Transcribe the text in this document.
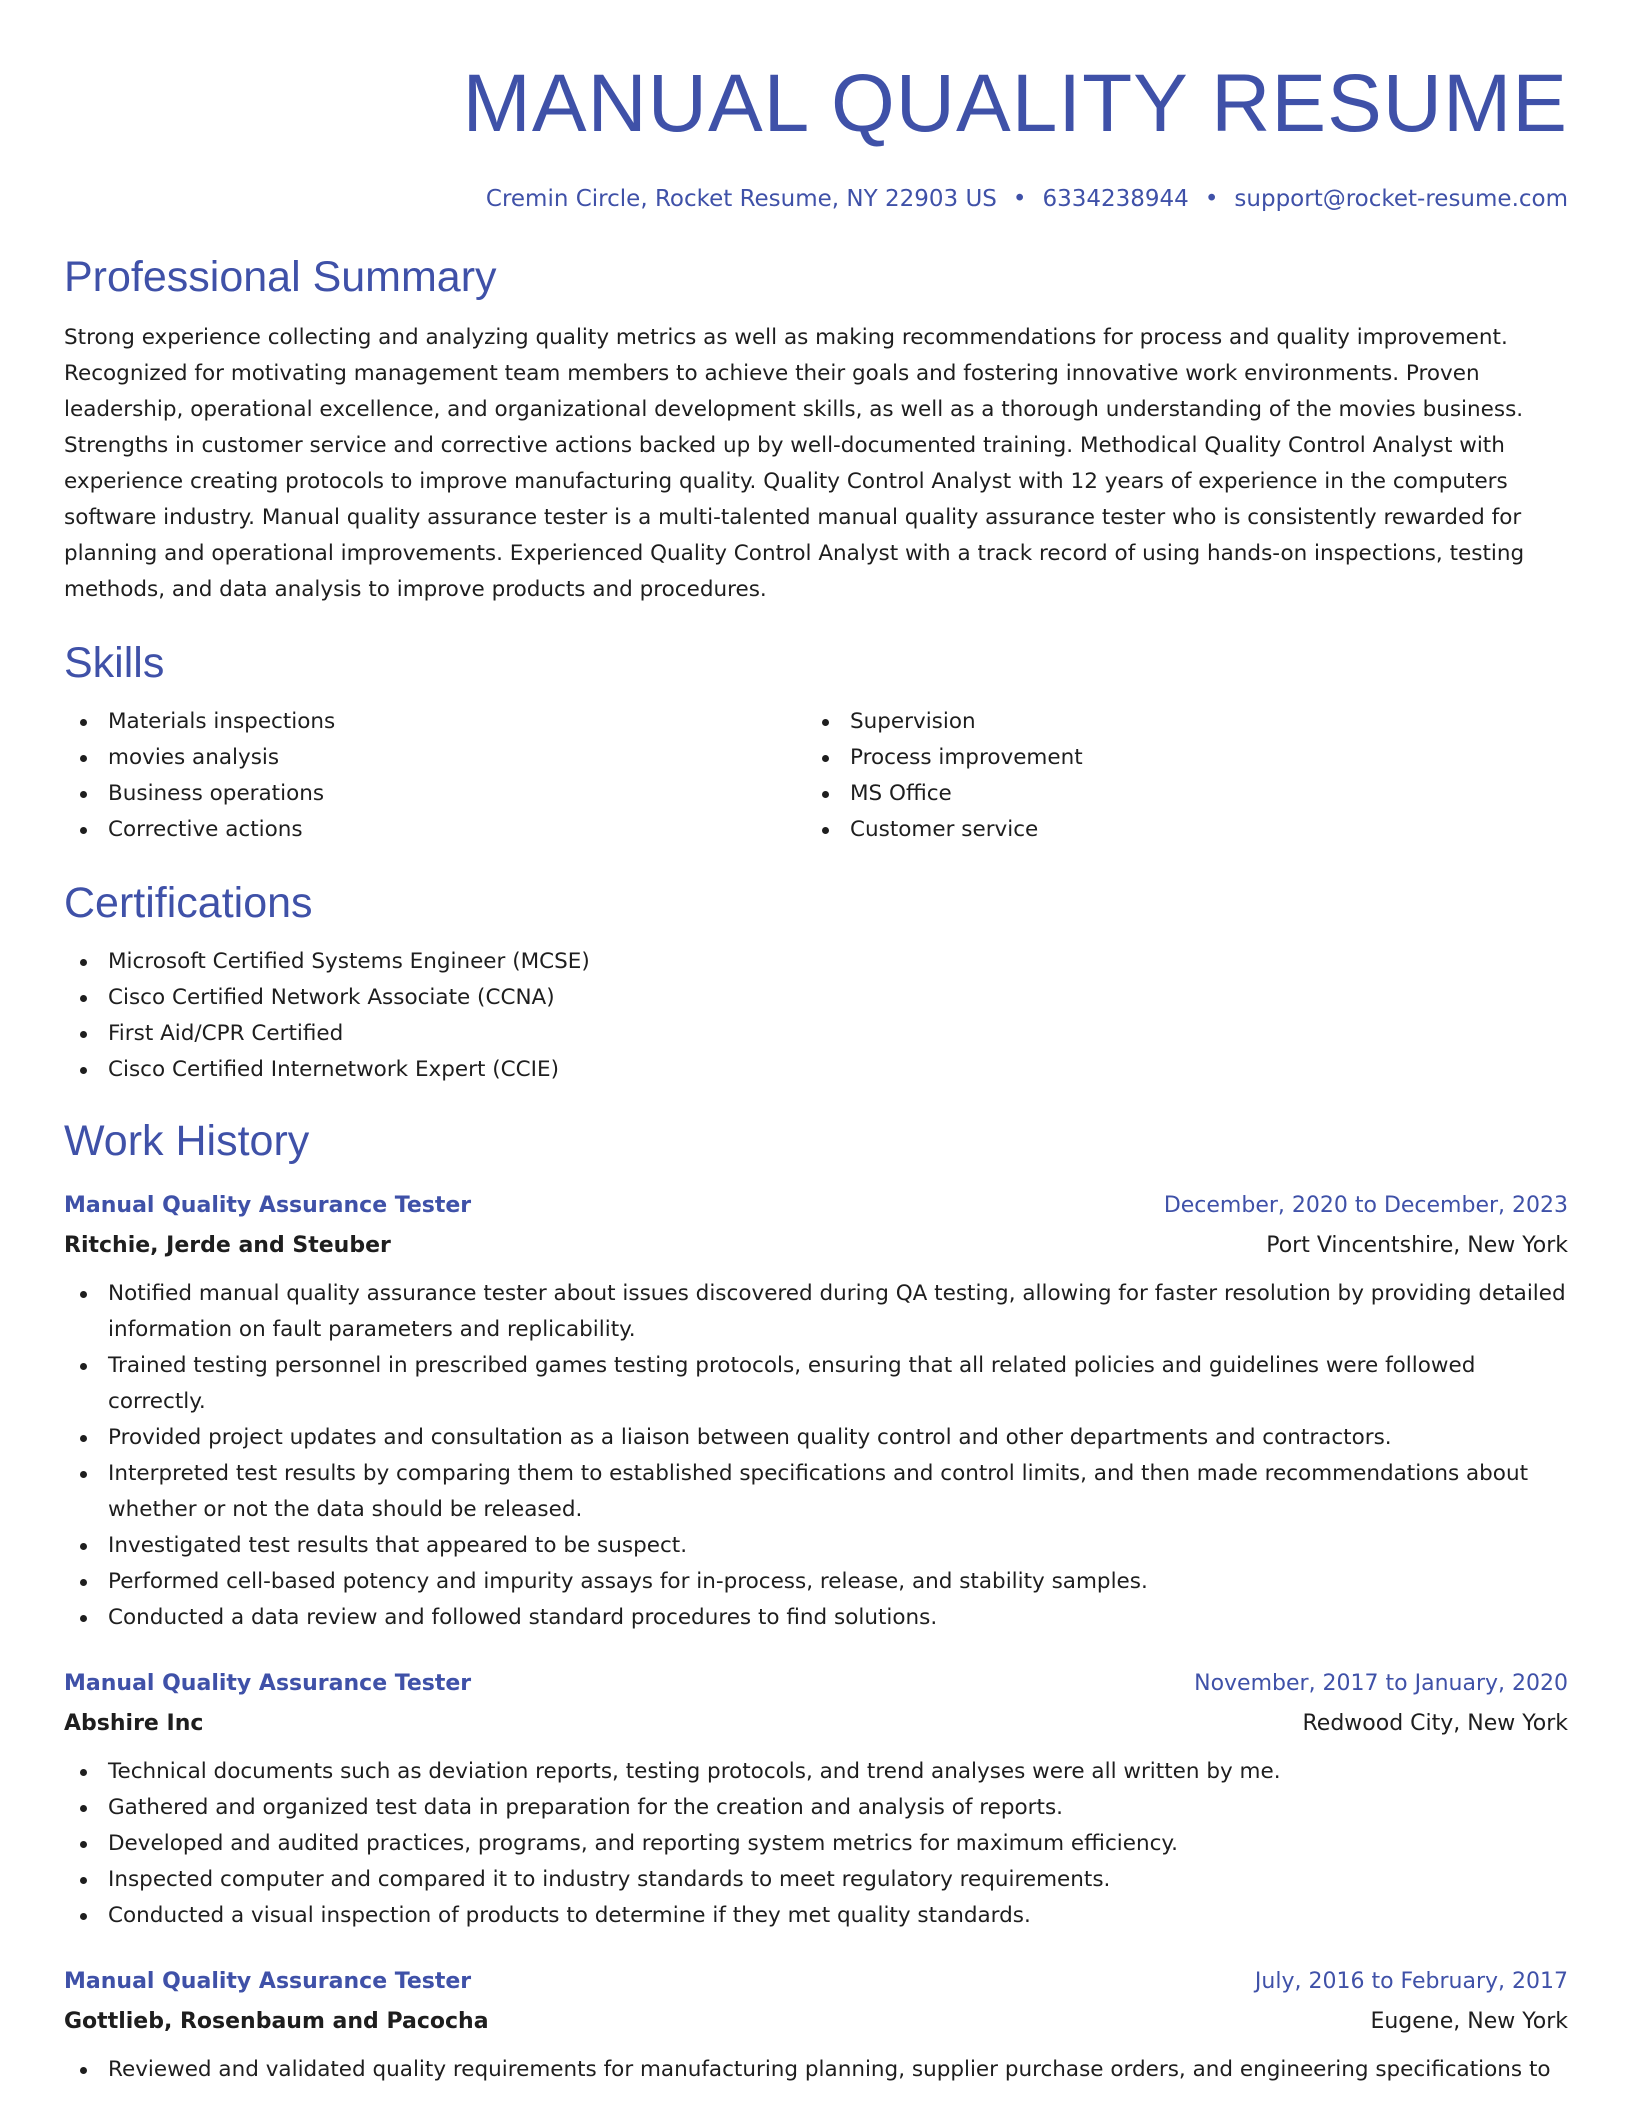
MANUAL QUALITY RESUME
Cremin Circle, Rocket Resume, NY 22903 US • 6334238944 • support@rocket-resume.com
Professional Summary

Strong experience collecting and analyzing quality metrics as well as making recommendations for process and quality improvement. Recognized for motivating management team members to achieve their goals and fostering innovative work environments. Proven leadership, operational excellence, and organizational development skills, as well as a thorough understanding of the movies business. Strengths in customer service and corrective actions backed up by well-documented training. Methodical Quality Control Analyst with experience creating protocols to improve manufacturing quality. Quality Control Analyst with 12 years of experience in the computers software industry. Manual quality assurance tester is a multi-talented manual quality assurance tester who is consistently rewarded for planning and operational improvements. Experienced Quality Control Analyst with a track record of using hands-on inspections, testing methods, and data analysis to improve products and procedures.

Skills
Materials inspections
movies analysis
Business operations
Corrective actions
Supervision
Process improvement
MS Office
Customer service
Certifications
Microsoft Certified Systems Engineer (MCSE)
Cisco Certified Network Associate (CCNA)
First Aid/CPR Certified
Cisco Certified Internetwork Expert (CCIE)
Work History
Manual Quality Assurance Tester	December, 2020 to December, 2023
Ritchie, Jerde and Steuber	Port Vincentshire, New York
Notified manual quality assurance tester about issues discovered during QA testing, allowing for faster resolution by providing detailed information on fault parameters and replicability.
Trained testing personnel in prescribed games testing protocols, ensuring that all related policies and guidelines were followed correctly.
Provided project updates and consultation as a liaison between quality control and other departments and contractors.
Interpreted test results by comparing them to established specifications and control limits, and then made recommendations about whether or not the data should be released.
Investigated test results that appeared to be suspect.
Performed cell-based potency and impurity assays for in-process, release, and stability samples.
Conducted a data review and followed standard procedures to find solutions.
Manual Quality Assurance Tester	November, 2017 to January, 2020
Abshire Inc	Redwood City, New York
Technical documents such as deviation reports, testing protocols, and trend analyses were all written by me.
Gathered and organized test data in preparation for the creation and analysis of reports.
Developed and audited practices, programs, and reporting system metrics for maximum efficiency.
Inspected computer and compared it to industry standards to meet regulatory requirements.
Conducted a visual inspection of products to determine if they met quality standards.
Manual Quality Assurance Tester	July, 2016 to February, 2017
Gottlieb, Rosenbaum and Pacocha	Eugene, New York
Reviewed and validated quality requirements for manufacturing planning, supplier purchase orders, and engineering specifications to
